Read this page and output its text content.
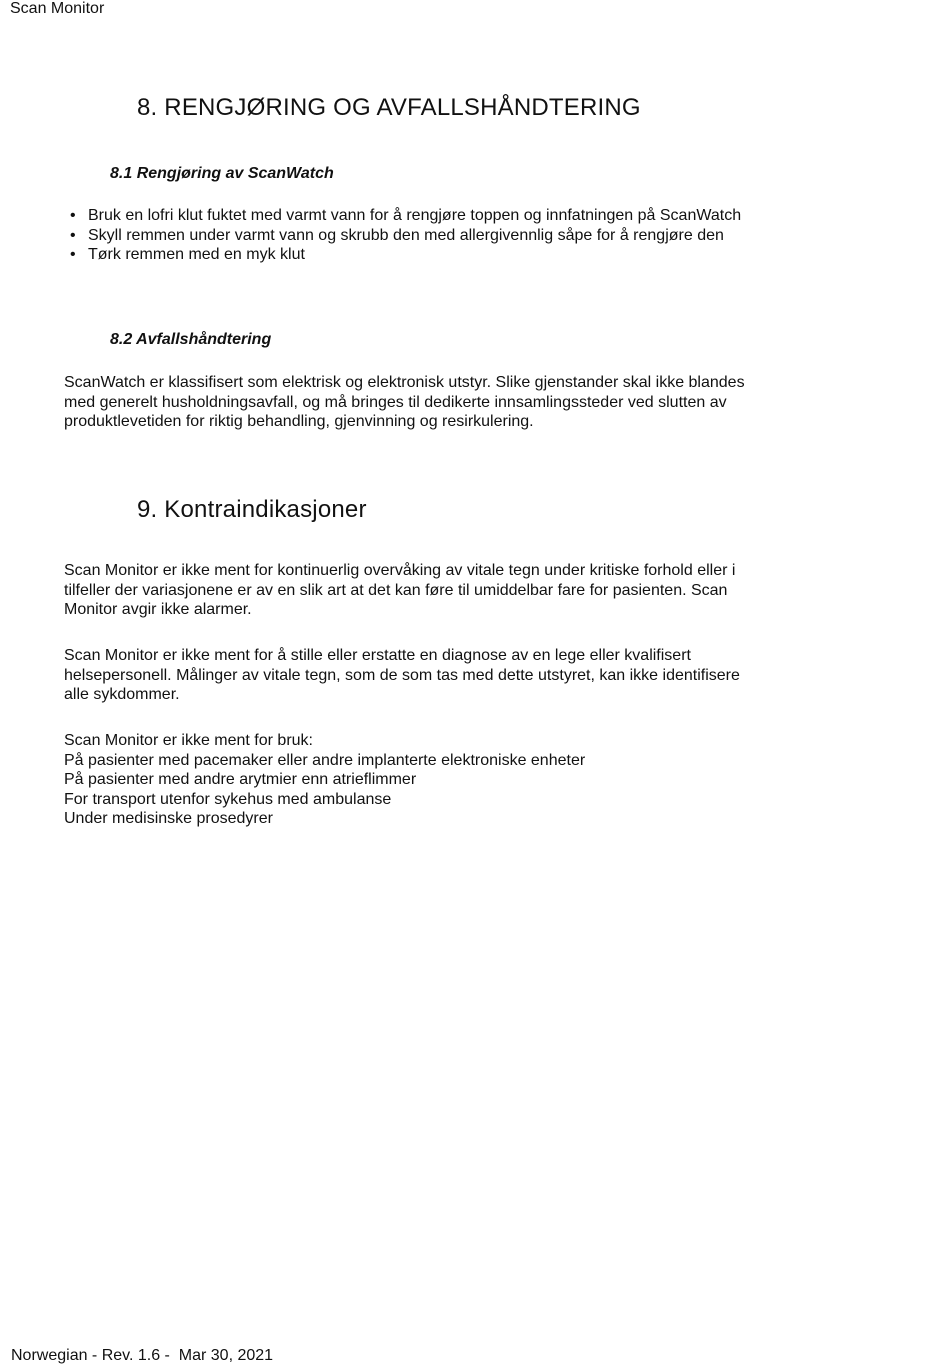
Scan Monitor
8. RENGJØRING OG AVFALLSHÅNDTERING
8.1 Rengjøring av ScanWatch
• Bruk en lofri klut fuktet med varmt vann for å rengjøre toppen og innfatningen på ScanWatch
• Skyll remmen under varmt vann og skrubb den med allergivennlig såpe for å rengjøre den
• Tørk remmen med en myk klut
8.2 Avfallshåndtering

ScanWatch er klassifisert som elektrisk og elektronisk utstyr. Slike gjenstander skal ikke blandes
med generelt husholdningsavfall, og må bringes til dedikerte innsamlingssteder ved slutten av
produktlevetiden for riktig behandling, gjenvinning og resirkulering.

9. Kontraindikasjoner

Scan Monitor er ikke ment for kontinuerlig overvåking av vitale tegn under kritiske forhold eller i
tilfeller der variasjonene er av en slik art at det kan føre til umiddelbar fare for pasienten. Scan
Monitor avgir ikke alarmer.

Scan Monitor er ikke ment for å stille eller erstatte en diagnose av en lege eller kvalifisert
helsepersonell. Målinger av vitale tegn, som de som tas med dette utstyret, kan ikke identifisere
alle sykdommer.

Scan Monitor er ikke ment for bruk:
På pasienter med pacemaker eller andre implanterte elektroniske enheter
På pasienter med andre arytmier enn atrieflimmer
For transport utenfor sykehus med ambulanse
Under medisinske prosedyrer

Norwegian - Rev. 1.6 -  Mar 30, 2021
